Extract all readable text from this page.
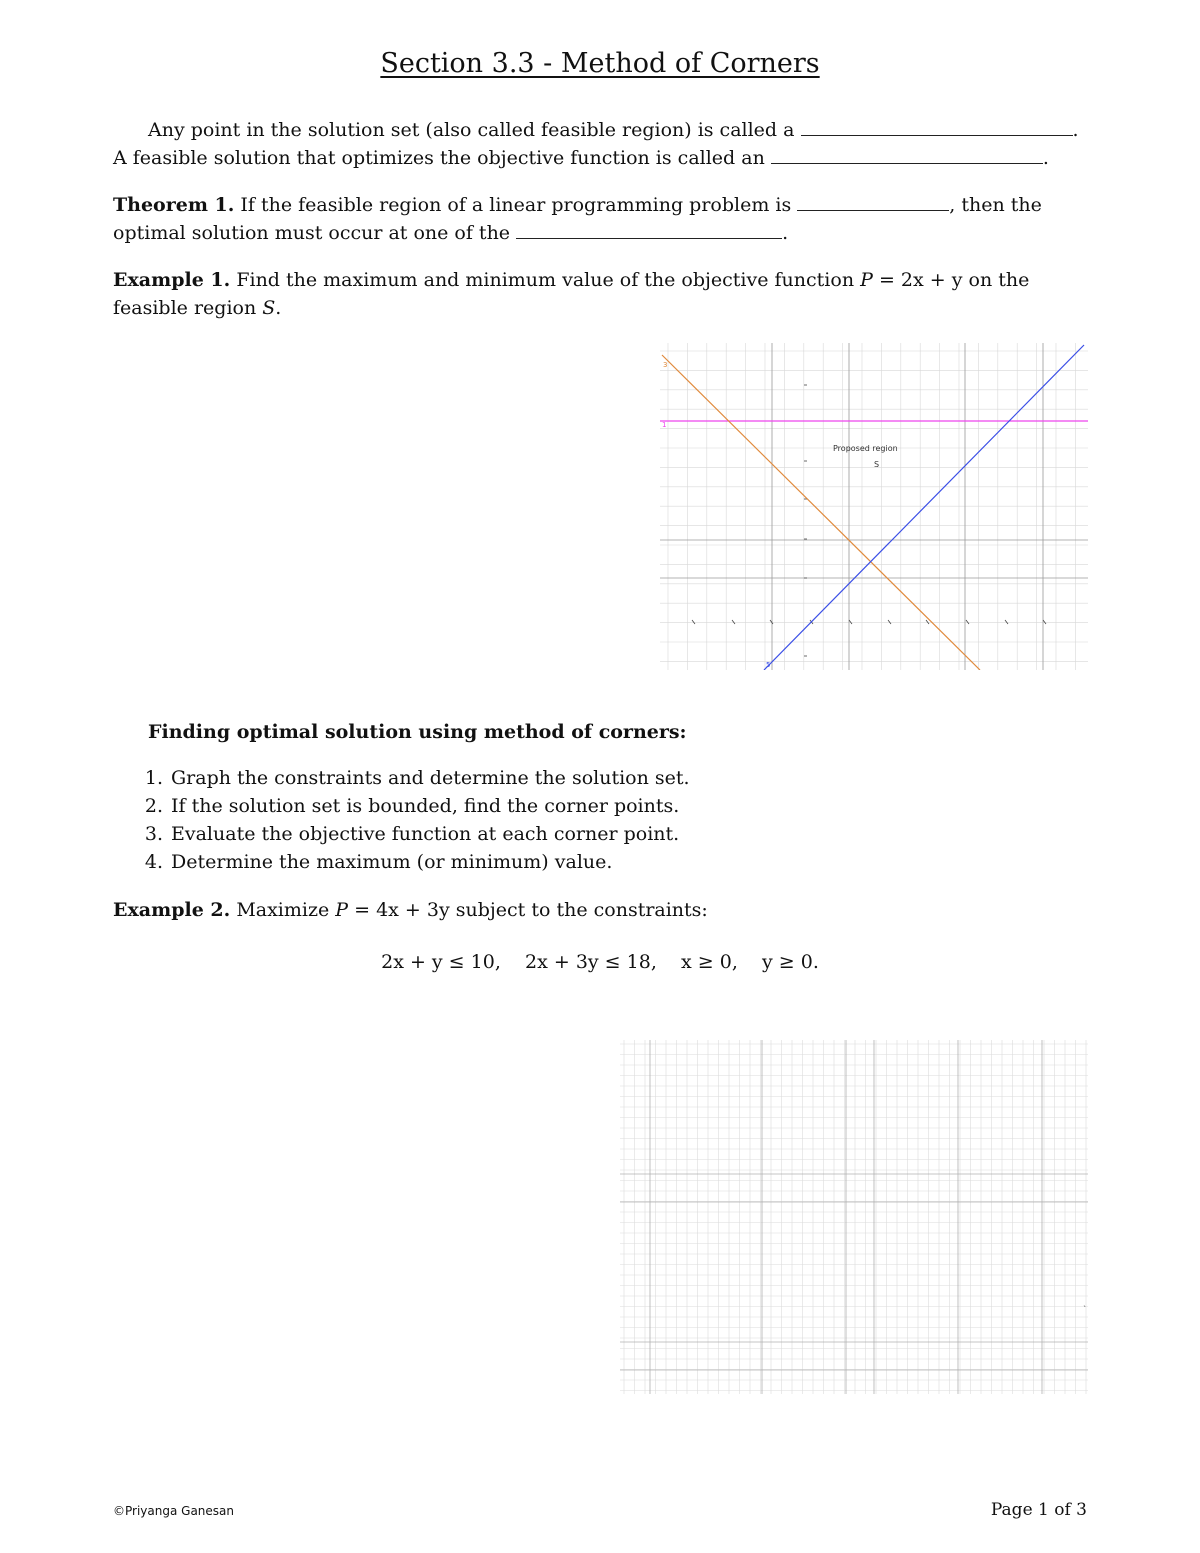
Section 3.3 - Method of Corners
Any point in the solution set (also called feasible region) is called a	.
A feasible solution that optimizes the objective function is called an	.
Theorem 1. If the feasible region of a linear programming problem is	, then the
optimal solution must occur at one of the	.
Example 1. Find the maximum and minimum value of the objective function P = 2x + y on the
feasible region S.
3
1
5
Proposed region
S
Finding optimal solution using method of corners:
1. Graph the constraints and determine the solution set.
2. If the solution set is bounded, find the corner points.
3. Evaluate the objective function at each corner point.
4. Determine the maximum (or minimum) value.
Example 2. Maximize P = 4x + 3y subject to the constraints:
2x + y ≤ 10,    2x + 3y ≤ 18,    x ≥ 0,    y ≥ 0.
`
©Priyanga Ganesan	Page 1 of 3
